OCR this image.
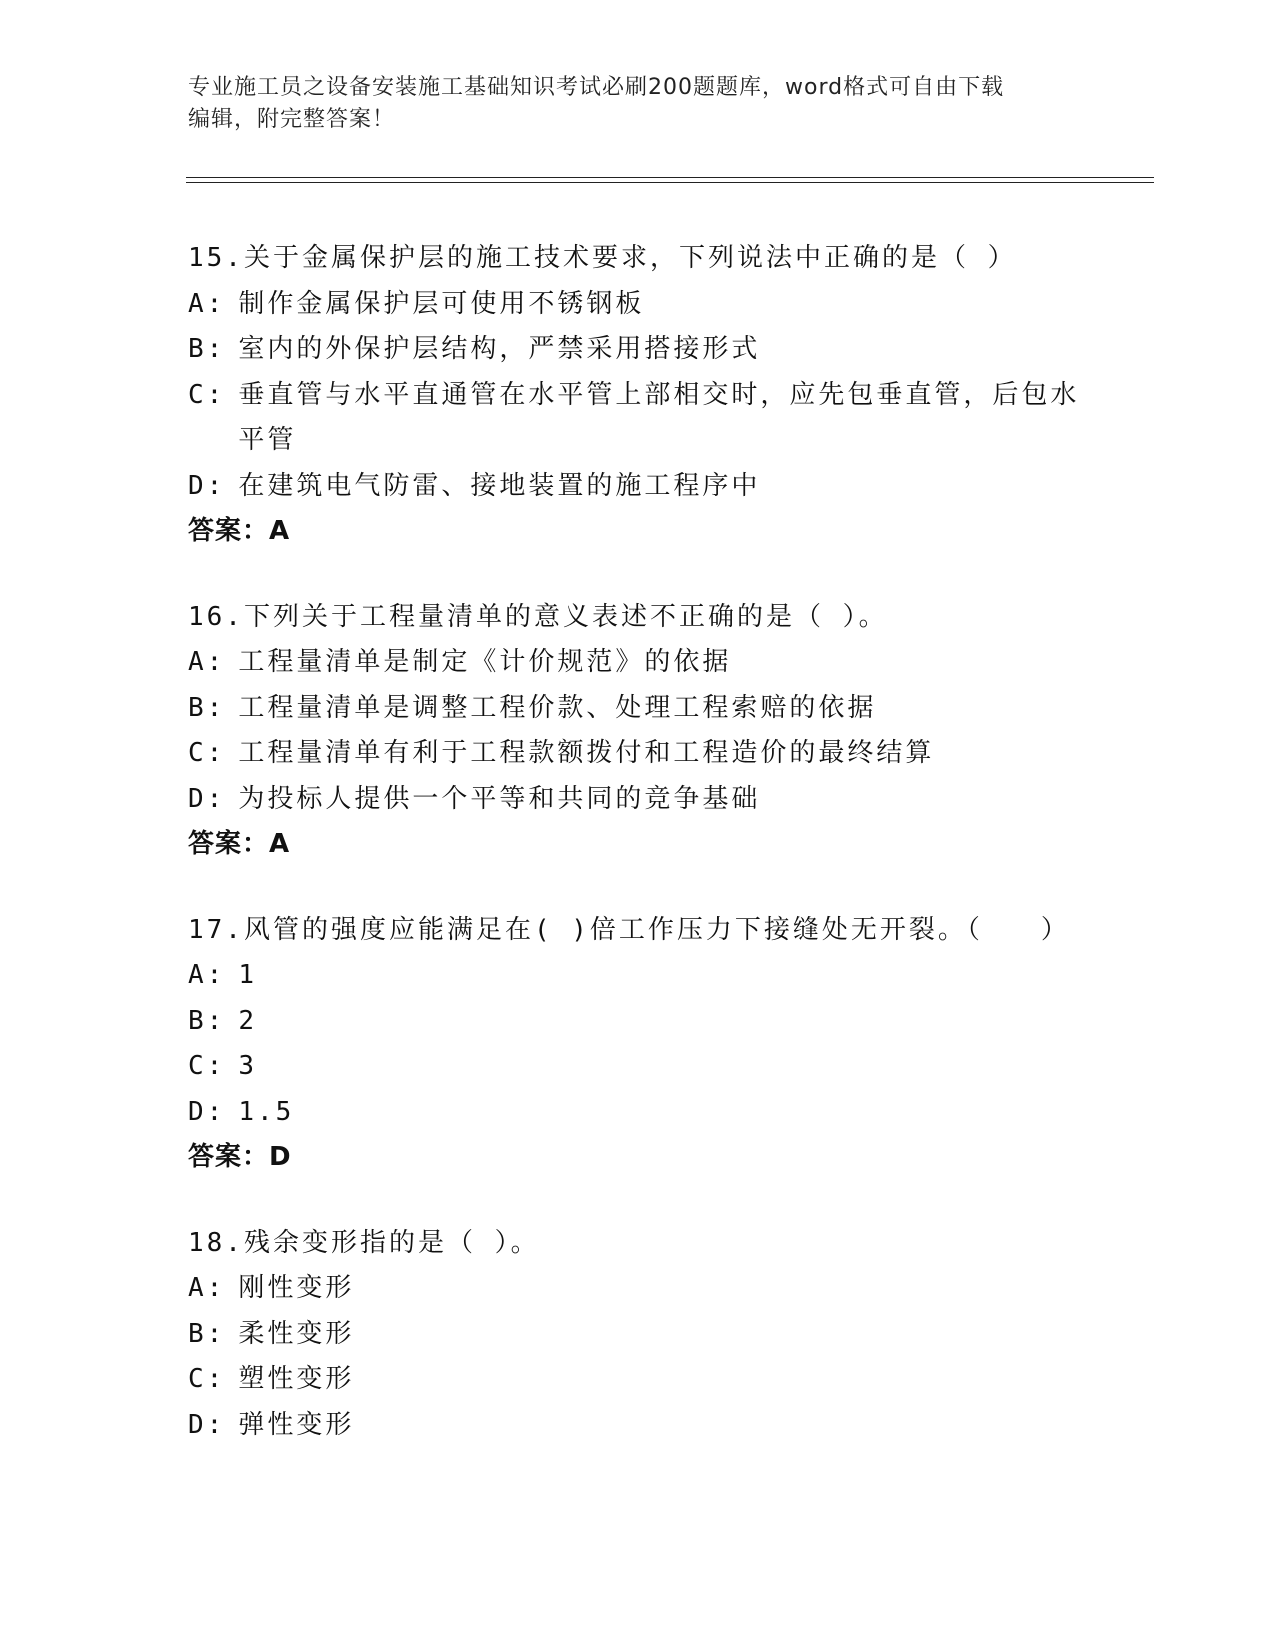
专业施工员之设备安装施工基础知识考试必刷200题题库，word格式可自由下载
编辑，附完整答案！
15.关于金属保护层的施工技术要求，下列说法中正确的是（ ）
A: 制作金属保护层可使用不锈钢板
B: 室内的外保护层结构，严禁采用搭接形式
C: 垂直管与水平直通管在水平管上部相交时，应先包垂直管，后包水平管
D: 在建筑电气防雷、接地装置的施工程序中
答案：A
16.下列关于工程量清单的意义表述不正确的是（ ）。
A: 工程量清单是制定《计价规范》的依据
B: 工程量清单是调整工程价款、处理工程索赔的依据
C: 工程量清单有利于工程款额拨付和工程造价的最终结算
D: 为投标人提供一个平等和共同的竞争基础
答案：A
17.风管的强度应能满足在( )倍工作压力下接缝处无开裂。（　　）
A: 1
B: 2
C: 3
D: 1.5
答案：D
18.残余变形指的是（ ）。
A: 刚性变形
B: 柔性变形
C: 塑性变形
D: 弹性变形
